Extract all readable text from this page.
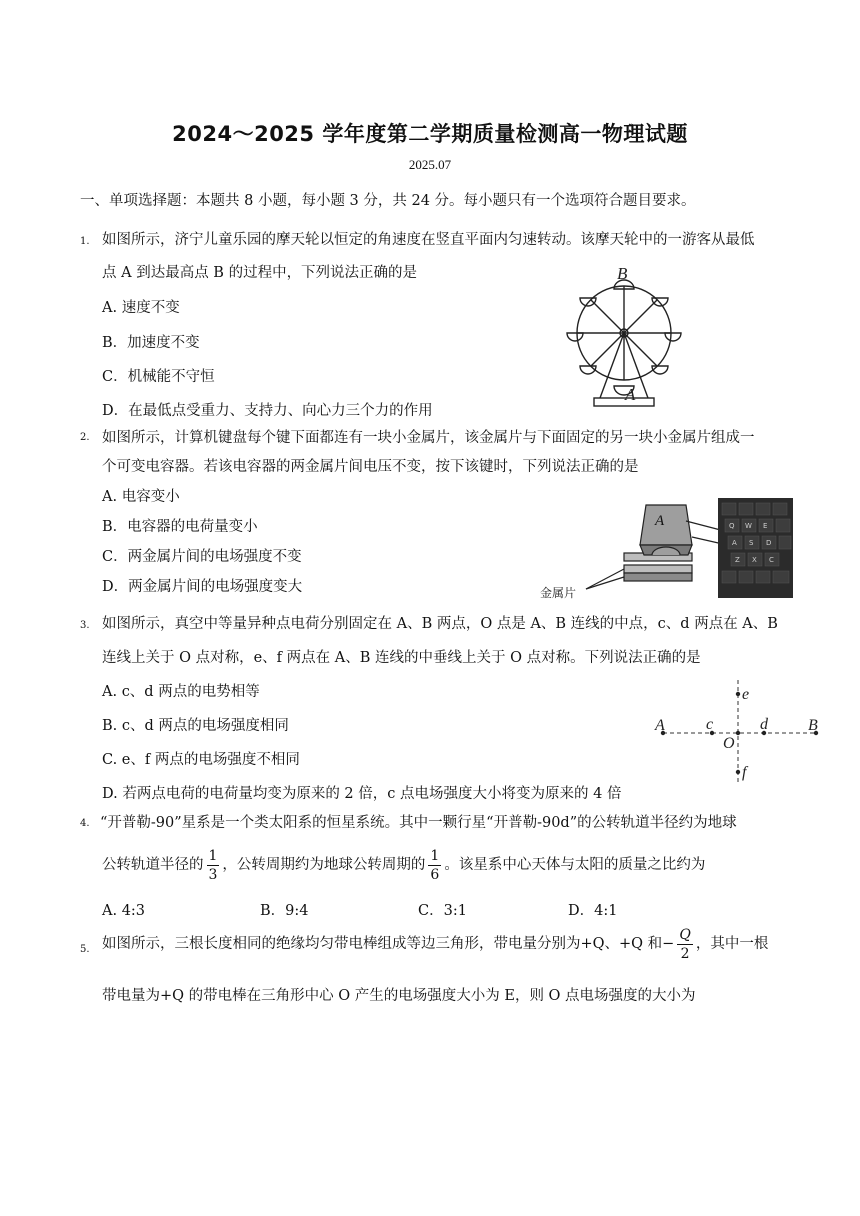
2024～2025 学年度第二学期质量检测高一物理试题
2025.07
一、单项选择题：本题共 8 小题，每小题 3 分，共 24 分。每小题只有一个选项符合题目要求。
1. 如图所示，济宁儿童乐园的摩天轮以恒定的角速度在竖直平面内匀速转动。该摩天轮中的一游客从最低
点 A 到达最高点 B 的过程中，下列说法正确的是
A. 速度不变
B．加速度不变
C．机械能不守恒
D．在最低点受重力、支持力、向心力三个力的作用
B
A
2. 如图所示，计算机键盘每个键下面都连有一块小金属片，该金属片与下面固定的另一块小金属片组成一
个可变电容器。若该电容器的两金属片间电压不变，按下该键时，下列说法正确的是
A. 电容变小
B．电容器的电荷量变小
C．两金属片间的电场强度不变
D．两金属片间的电场强度变大
A
金属片
Q W E
A S D
Z X C
3. 如图所示，真空中等量异种点电荷分别固定在 A、B 两点，O 点是 A、B 连线的中点，c、d 两点在 A、B
连线上关于 O 点对称，e、f 两点在 A、B 连线的中垂线上关于 O 点对称。下列说法正确的是
A. c、d 两点的电势相等
B. c、d 两点的电场强度相同
C. e、f 两点的电场强度不相同
D. 若两点电荷的电荷量均变为原来的 2 倍，c 点电场强度大小将变为原来的 4 倍
A	c
O
d	B
e
f
4. “开普勒-90”星系是一个类太阳系的恒星系统。其中一颗行星“开普勒-90d”的公转轨道半径约为地球
公转轨道半径的 $\frac{1}{3}$ ，公转周期约为地球公转周期的 $\frac{1}{6}$ 。该星系中心天体与太阳的质量之比约为
A. 4:3	B．9:4	C．3:1	D．4:1
5. 如图所示，三根长度相同的绝缘均匀带电棒组成等边三角形，带电量分别为+Q、+Q 和− $\frac{Q}{2}$ ，其中一根
带电量为+Q 的带电棒在三角形中心 O 产生的电场强度大小为 E，则 O 点电场强度的大小为
